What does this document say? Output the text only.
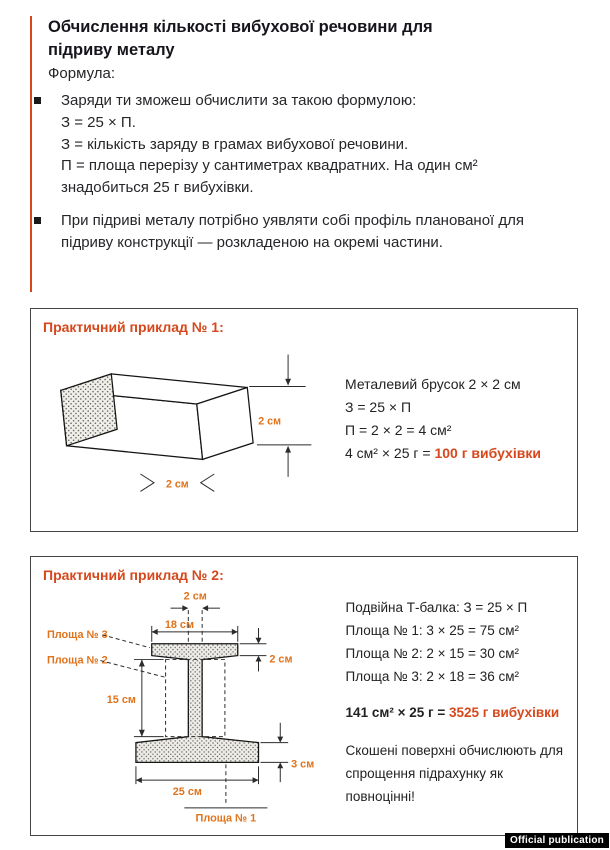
Обчислення кількості вибухової речовини для підриву металу

Формула:

Заряди ти зможеш обчислити за такою формулою:

З = 25 × П.

З = кількість заряду в грамах вибухової речовини.

П = площа перерізу у сантиметрах квадратних. На один см² знадобиться 25 г вибухівки.

При підриві металу потрібно уявляти собі профіль планованої для підриву конструкції — розкладеною на окремі частини.

Практичний приклад № 1:
2 см
2 см

Металевий брусок 2 × 2 см

З = 25 × П

П = 2 × 2 = 4 см²

4 см² × 25 г = 100 г вибухівки

Практичний приклад № 2:
2 см
18 см
2 см
15 см
3 см
25 см
Площа № 3
Площа № 2
Площа № 1

Подвійна Т-балка: З = 25 × П

Площа № 1: 3 × 25 = 75 см²

Площа № 2: 2 × 15 = 30 см²

Площа № 3: 2 × 18 = 36 см²

141 см² × 25 г = 3525 г вибухівки

Скошені поверхні обчислюють для спрощення підрахунку як повноцінні!

Official publication
